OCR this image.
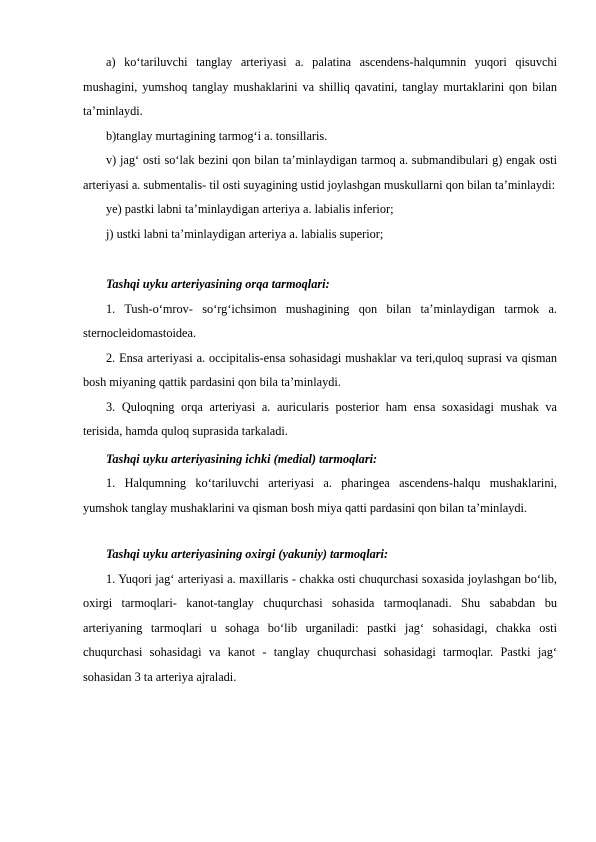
a) ko‘tariluvchi tanglay arteriyasi a. palatina ascendens-halqumnin yuqori qisuvchi mushagini, yumshoq tanglay mushaklarini va shilliq qavatini, tanglay murtaklarini qon bilan ta’minlaydi.

b)tanglay murtagining tarmog‘i a. tonsillaris.

v) jag‘ osti so‘lak bezini qon bilan ta’minlaydigan tarmoq a. submandibulari g) engak osti arteriyasi a. submentalis- til osti suyagining ustid joylashgan muskullarni qon bilan ta’minlaydi:

ye) pastki labni ta’minlaydigan arteriya a. labialis inferior;

j) ustki labni ta’minlaydigan arteriya a. labialis superior;

Tashqi uyku arteriyasining orqa tarmoqlari:

1. Tush-o‘mrov- so‘rg‘ichsimon mushagining qon bilan ta’minlaydigan tarmok a. sternocleidomastoidea.

2. Ensa arteriyasi a. occipitalis-ensa sohasidagi mushaklar va teri,quloq suprasi va qisman bosh miyaning qattik pardasini qon bila ta’minlaydi.

3. Quloqning orqa arteriyasi a. auricularis posterior ham ensa soxasidagi mushak va terisida, hamda quloq suprasida tarkaladi.

Tashqi uyku arteriyasining ichki (medial) tarmoqlari:

1. Halqumning ko‘tariluvchi arteriyasi a. pharingea ascendens-halqu mushaklarini, yumshok tanglay mushaklarini va qisman bosh miya qatti pardasini qon bilan ta’minlaydi.

Tashqi uyku arteriyasining oxirgi (yakuniy) tarmoqlari:

1. Yuqori jag‘ arteriyasi a. maxillaris - chakka osti chuqurchasi soxasida joylashgan bo‘lib, oxirgi tarmoqlari- kanot-tanglay chuqurchasi sohasida tarmoqlanadi. Shu sababdan bu arteriyaning tarmoqlari u sohaga bo‘lib urganiladi: pastki jag‘ sohasidagi, chakka osti chuqurchasi sohasidagi va kanot - tanglay chuqurchasi sohasidagi tarmoqlar. Pastki jag‘ sohasidan 3 ta arteriya ajraladi.
